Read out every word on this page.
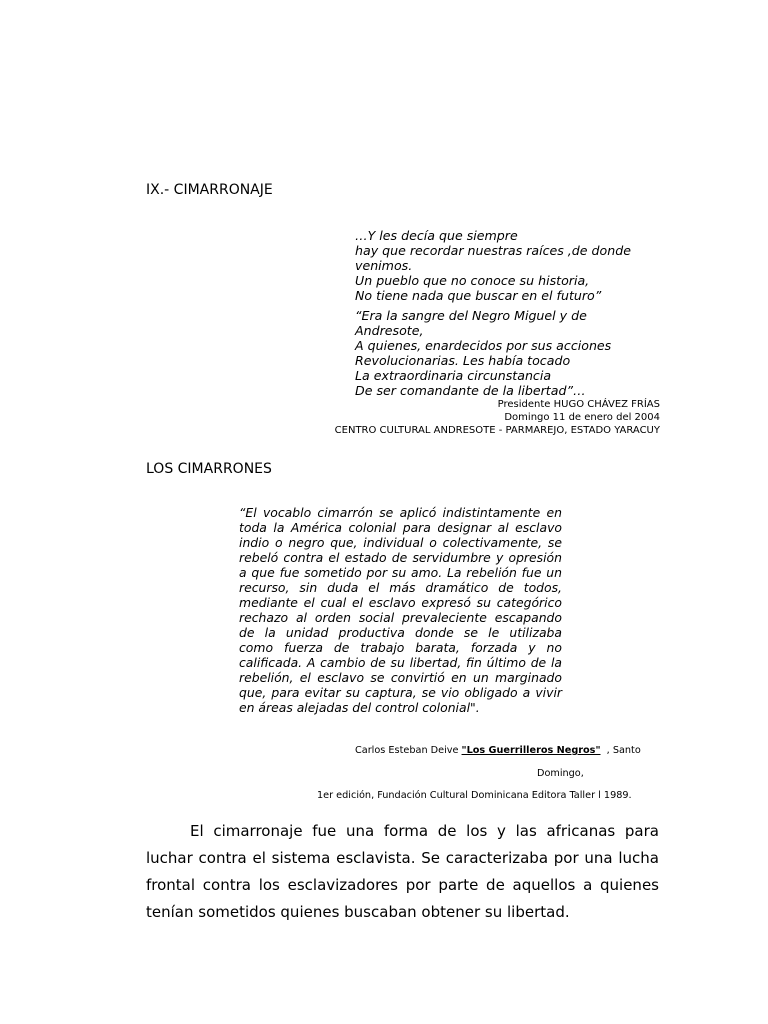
IX.- CIMARRONAJE
…Y les decía que siempre
hay que recordar nuestras raíces ,de donde
venimos.
Un pueblo que no conoce su historia,
No tiene nada que buscar en el futuro”
“Era la sangre del Negro Miguel y de
Andresote,
A quienes, enardecidos por sus acciones
Revolucionarias. Les había tocado
La extraordinaria circunstancia
De ser comandante de la libertad”…
Presidente HUGO CHÁVEZ FRÍAS
Domingo 11 de enero del 2004
CENTRO CULTURAL ANDRESOTE - PARMAREJO, ESTADO YARACUY
LOS CIMARRONES
“El vocablo cimarrón se aplicó indistintamente en
toda la América colonial para designar al esclavo
indio o negro que, individual o colectivamente, se
rebeló contra el estado de servidumbre y opresión
a que fue sometido por su amo. La rebelión fue un
recurso, sin duda el más dramático de todos,
mediante el cual el esclavo expresó su categórico
rechazo al orden social prevaleciente escapando
de la unidad productiva donde se le utilizaba
como fuerza de trabajo barata, forzada y no
calificada. A cambio de su libertad, fin último de la
rebelión, el esclavo se convirtió en un marginado
que, para evitar su captura, se vio obligado a vivir
en áreas alejadas del control colonial".
Carlos Esteban Deive "Los Guerrilleros Negros"  , Santo
Domingo,
1er edición, Fundación Cultural Dominicana Editora Taller l 1989.
El cimarronaje fue una forma de los y las africanas para
luchar contra el sistema esclavista. Se caracterizaba por una lucha
frontal contra los esclavizadores por parte de aquellos a quienes
tenían sometidos quienes buscaban obtener su libertad.
